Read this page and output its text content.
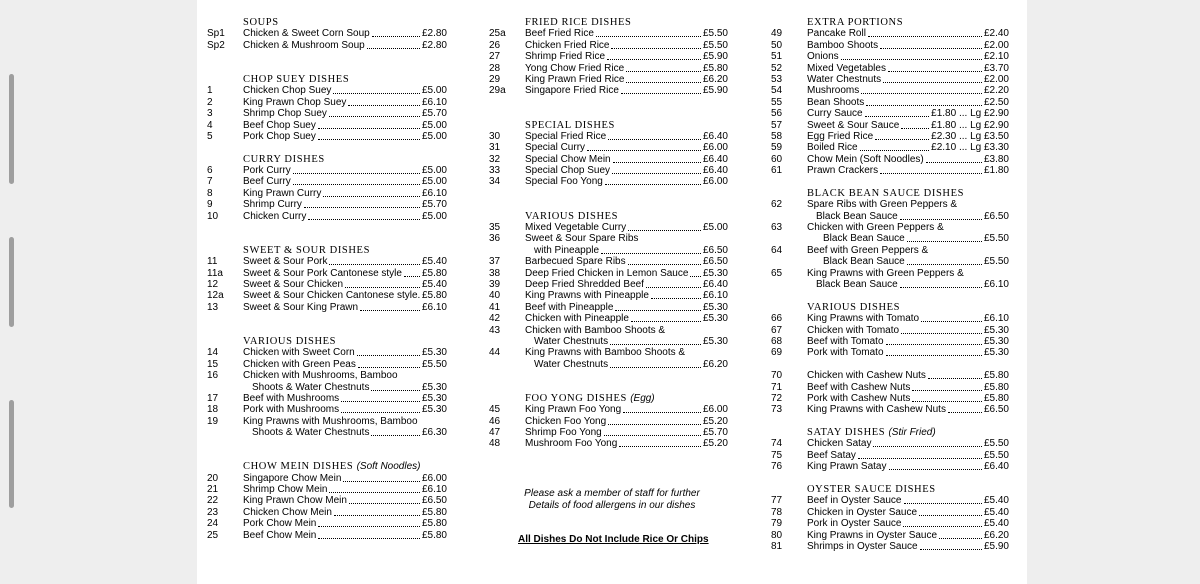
SOUPS
Sp1	Chicken & Sweet Corn Soup	£2.80
Sp2	Chicken & Mushroom Soup	£2.80
CHOP SUEY DISHES
1	Chicken Chop Suey	£5.00
2	King Prawn Chop Suey	£6.10
3	Shrimp Chop Suey	£5.70
4	Beef Chop Suey	£5.00
5	Pork Chop Suey	£5.00
CURRY DISHES
6	Pork Curry	£5.00
7	Beef Curry	£5.00
8	King Prawn Curry	£6.10
9	Shrimp Curry	£5.70
10	Chicken Curry	£5.00
SWEET & SOUR DISHES
11	Sweet & Sour Pork	£5.40
11a	Sweet & Sour Pork Cantonese style £5.80
12	Sweet & Sour Chicken	£5.40
12a	Sweet & Sour Chicken Cantonese style. £5.80
13	Sweet & Sour King Prawn	£6.10
VARIOUS DISHES
14	Chicken with Sweet Corn	£5.30
15	Chicken with Green Peas	£5.50
16	Chicken with Mushrooms, Bamboo
Shoots & Water Chestnuts	£5.30
17	Beef with Mushrooms	£5.30
18	Pork with Mushrooms	£5.30
19	King Prawns with Mushrooms, Bamboo
Shoots & Water Chestnuts	£6.30
CHOW MEIN DISHES (Soft Noodles)
20	Singapore Chow Mein	£6.00
21	Shrimp Chow Mein	£6.10
22	King Prawn Chow Mein	£6.50
23	Chicken Chow Mein	£5.80
24	Pork Chow Mein	£5.80
25	Beef Chow Mein	£5.80
FRIED RICE DISHES
25a	Beef Fried Rice	£5.50
26	Chicken Fried Rice	£5.50
27	Shrimp Fried Rice	£5.90
28	Yong Chow Fried Rice	£5.80
29	King Prawn Fried Rice	£6.20
29a	Singapore Fried Rice	£5.90
SPECIAL DISHES
30	Special Fried Rice	£6.40
31	Special Curry	£6.00
32	Special Chow Mein	£6.40
33	Special Chop Suey	£6.40
34	Special Foo Yong	£6.00
VARIOUS DISHES
35	Mixed Vegetable Curry	£5.00
36	Sweet & Sour Spare Ribs
with Pineapple	£6.50
37	Barbecued Spare Ribs	£6.50
38	Deep Fried Chicken in Lemon Sauce £5.30
39	Deep Fried Shredded Beef	£6.40
40	King Prawns with Pineapple	£6.10
41	Beef with Pineapple	£5.30
42	Chicken with Pineapple	£5.30
43	Chicken with Bamboo Shoots &
Water Chestnuts	£5.30
44	King Prawns with Bamboo Shoots &
Water Chestnuts	£6.20
FOO YONG DISHES (Egg)
45	King Prawn Foo Yong	£6.00
46	Chicken Foo Yong	£5.20
47	Shrimp Foo Yong	£5.70
48	Mushroom Foo Yong	£5.20
EXTRA PORTIONS
49	Pancake Roll	£2.40
50	Bamboo Shoots	£2.00
51	Onions	£2.10
52	Mixed Vegetables	£3.70
53	Water Chestnuts	£2.00
54	Mushrooms	£2.20
55	Bean Shoots	£2.50
56	Curry Sauce	£1.80 ... Lg £2.90
57	Sweet & Sour Sauce	£1.80 ... Lg £2.90
58	Egg Fried Rice	£2.30 ... Lg £3.50
59	Boiled Rice	£2.10 ... Lg £3.30
60	Chow Mein (Soft Noodles)	£3.80
61	Prawn Crackers	£1.80
BLACK BEAN SAUCE DISHES
62	Spare Ribs with Green Peppers &
Black Bean Sauce	£6.50
63	Chicken with Green Peppers &
Black Bean Sauce	£5.50
64	Beef with Green Peppers &
Black Bean Sauce	£5.50
65	King Prawns with Green Peppers &
Black Bean Sauce	£6.10
VARIOUS DISHES
66	King Prawns with Tomato	£6.10
67	Chicken with Tomato	£5.30
68	Beef with Tomato	£5.30
69	Pork with Tomato	£5.30
70	Chicken with Cashew Nuts	£5.80
71	Beef with Cashew Nuts	£5.80
72	Pork with Cashew Nuts	£5.80
73	King Prawns with Cashew Nuts	£6.50
SATAY DISHES (Stir Fried)
74	Chicken Satay	£5.50
75	Beef Satay	£5.50
76	King Prawn Satay	£6.40
OYSTER SAUCE DISHES
77	Beef in Oyster Sauce	£5.40
78	Chicken in Oyster Sauce	£5.40
79	Pork in Oyster Sauce	£5.40
80	King Prawns in Oyster Sauce	£6.20
81	Shrimps in Oyster Sauce	£5.90
Please ask a member of staff for further
Details of food allergens in our dishes
All Dishes Do Not Include Rice Or Chips
